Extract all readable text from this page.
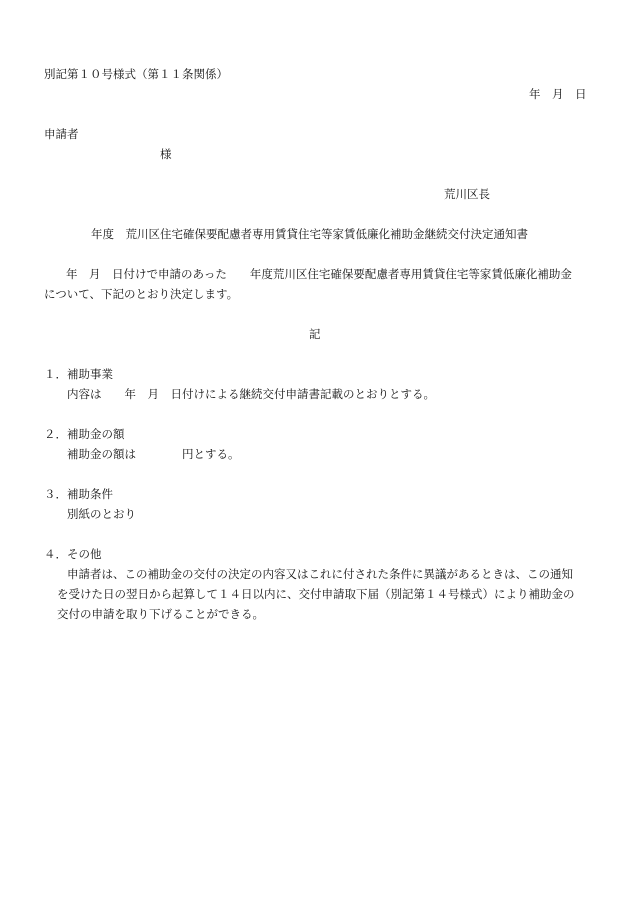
別記第１０号様式（第１１条関係）
年　月　日
申請者
様
荒川区長
年度　荒川区住宅確保要配慮者専用賃貸住宅等家賃低廉化補助金継続交付決定通知書
年　月　日付けで申請のあった　　年度荒川区住宅確保要配慮者専用賃貸住宅等家賃低廉化補助金
について、下記のとおり決定します。
記
１．補助事業
内容は　　年　月　日付けによる継続交付申請書記載のとおりとする。
２．補助金の額
補助金の額は　　　　円とする。
３．補助条件
別紙のとおり
４．その他
申請者は、この補助金の交付の決定の内容又はこれに付された条件に異議があるときは、この通知
を受けた日の翌日から起算して１４日以内に、交付申請取下届（別記第１４号様式）により補助金の
交付の申請を取り下げることができる。
